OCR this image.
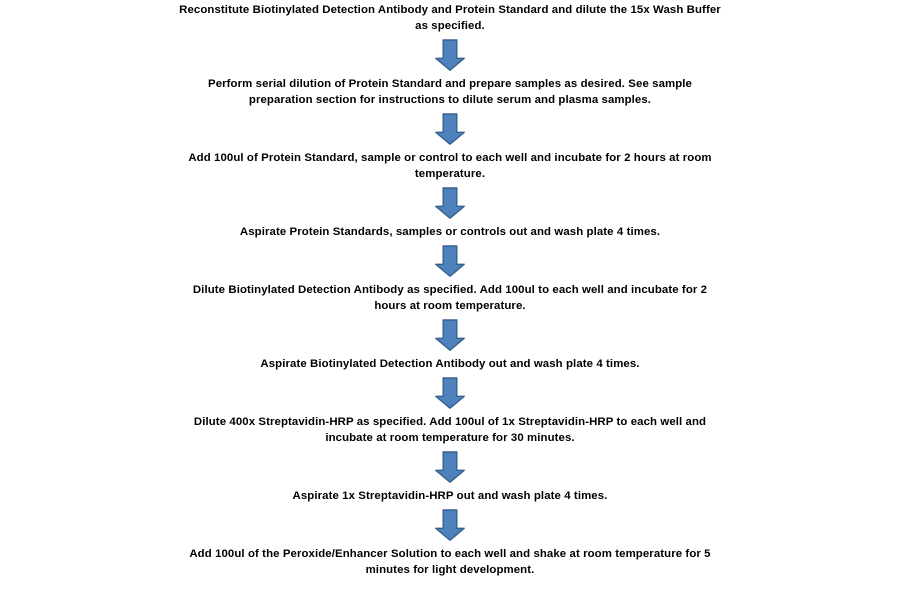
Reconstitute Biotinylated Detection Antibody and Protein Standard and dilute the 15x Wash Buffer
as specified.
Perform serial dilution of Protein Standard and prepare samples as desired. See sample
preparation section for instructions to dilute serum and plasma samples.
Add 100ul of Protein Standard, sample or control to each well and incubate for 2 hours at room
temperature.
Aspirate Protein Standards, samples or controls out and wash plate 4 times.
Dilute Biotinylated Detection Antibody as specified. Add 100ul to each well and incubate for 2
hours at room temperature.
Aspirate Biotinylated Detection Antibody out and wash plate 4 times.
Dilute 400x Streptavidin-HRP as specified. Add 100ul of 1x Streptavidin-HRP to each well and
incubate at room temperature for 30 minutes.
Aspirate 1x Streptavidin-HRP out and wash plate 4 times.
Add 100ul of the Peroxide/Enhancer Solution to each well and shake at room temperature for 5
minutes for light development.
